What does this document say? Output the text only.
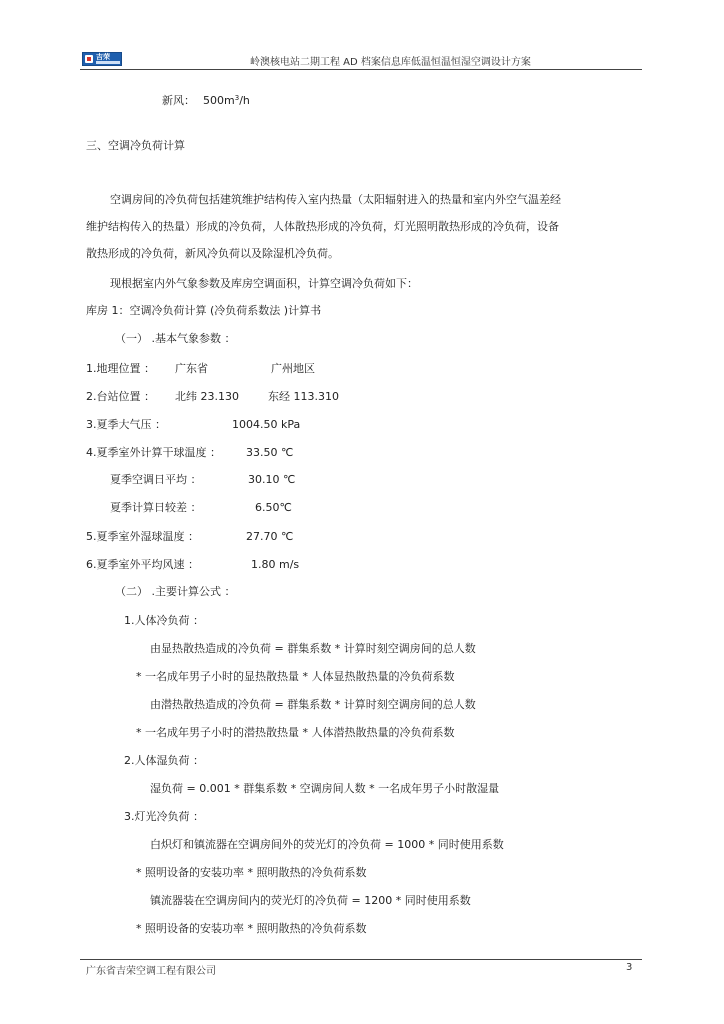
吉荣	岭澳核电站二期工程 AD 档案信息库低温恒温恒湿空调设计方案
新风： $500m^3/h$
三、空调冷负荷计算
空调房间的冷负荷包括建筑维护结构传入室内热量（太阳辐射进入的热量和室内外空气温差经
维护结构传入的热量）形成的冷负荷，人体散热形成的冷负荷，灯光照明散热形成的冷负荷，设备
散热形成的冷负荷，新风冷负荷以及除湿机冷负荷。
现根据室内外气象参数及库房空调面积，计算空调冷负荷如下：
库房 1：空调冷负荷计算 (冷负荷系数法 )计算书
（一） .基本气象参数 ：
1.地理位置 ： 广东省	广州地区
2.台站位置 ： 北纬 23.130	东经 113.310
3.夏季大气压 ：	1004.50 kPa
4.夏季室外计算干球温度 ： 33.50 ℃
夏季空调日平均 ：	30.10 ℃
夏季计算日较差 ：	6.50℃
5.夏季室外湿球温度 ：	27.70 ℃
6.夏季室外平均风速 ：	1.80 m/s
（二） .主要计算公式 ：
1.人体冷负荷 ：
由显热散热造成的冷负荷 = 群集系数 * 计算时刻空调房间的总人数
* 一名成年男子小时的显热散热量 * 人体显热散热量的冷负荷系数
由潜热散热造成的冷负荷 = 群集系数 * 计算时刻空调房间的总人数
* 一名成年男子小时的潜热散热量 * 人体潜热散热量的冷负荷系数
2.人体湿负荷 ：
湿负荷 = 0.001 * 群集系数 * 空调房间人数 * 一名成年男子小时散湿量
3.灯光冷负荷 ：
白炽灯和镇流器在空调房间外的荧光灯的冷负荷 = 1000 * 同时使用系数
* 照明设备的安装功率 * 照明散热的冷负荷系数
镇流器装在空调房间内的荧光灯的冷负荷 = 1200 * 同时使用系数
* 照明设备的安装功率 * 照明散热的冷负荷系数
广东省吉荣空调工程有限公司	3
